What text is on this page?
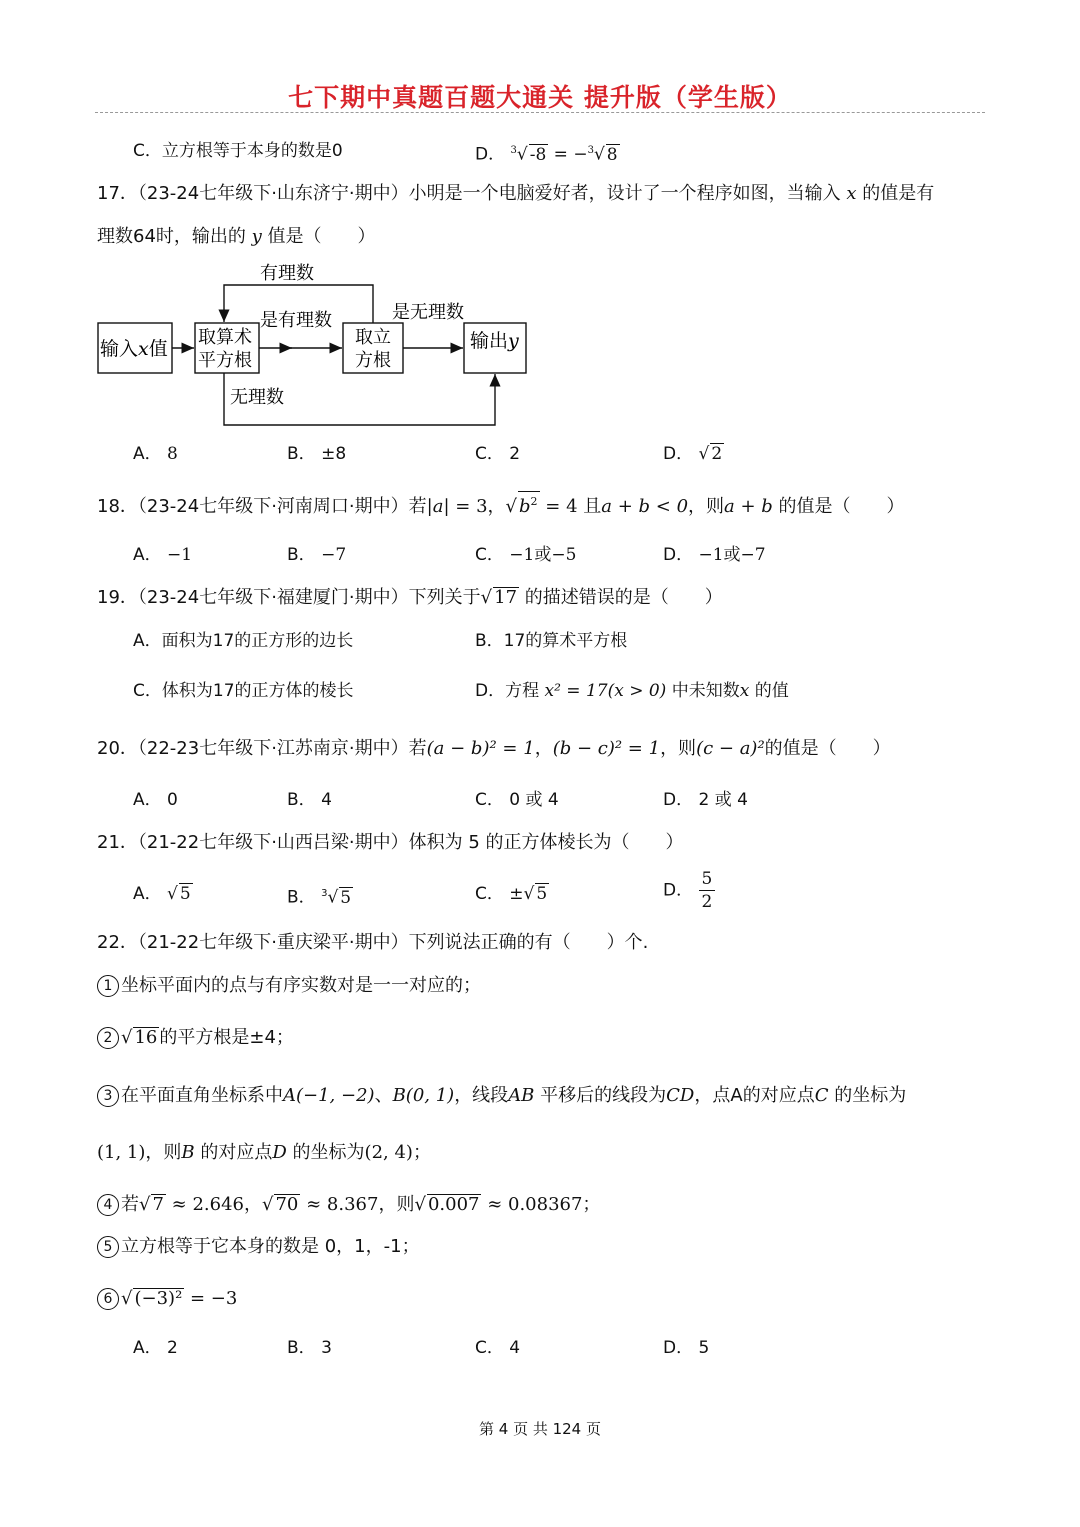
七下期中真题百题大通关 提升版（学生版）
C．立方根等于本身的数是0	D． $^3$√ -8 = −$^3$√ 8
17．（23-24七年级下·山东济宁·期中）小明是一个电脑爱好者，设计了一个程序如图，当输入 x 的值是有
理数64时，输出的 y 值是（　　）
输入x值
取算术
平方根
取立
方根
输出y
有理数
是有理数	是无理数
无理数
A． 8	B． ±8	C． 2	D． √ 2
18．（23-24七年级下·河南周口·期中）若|a| = 3，√ $b^2 = 4$ 且a + b < 0，则a + b 的值是（　　）
A． −1	B． −7	C． −1或−5	D． −1或−7
19．（23-24七年级下·福建厦门·期中）下列关于√ 17 的描述错误的是（　　）
A．面积为17的正方形的边长	B．17的算术平方根
C．体积为17的正方体的棱长	D．方程 x² = 17(x > 0) 中未知数x 的值
20．（22-23七年级下·江苏南京·期中）若(a − b)² = 1，(b − c)² = 1，则(c − a)²的值是（　　）
A． 0	B． 4	C． 0 或 4	D． 2 或 4
21．（21-22七年级下·山西吕梁·期中）体积为 5 的正方体棱长为（　　）
A． √ 5	B． $^3$√ 5	C． ±√ 5	D． $\frac{5}{2}$
22．（21-22七年级下·重庆梁平·期中）下列说法正确的有（　　）个.
1 坐标平面内的点与有序实数对是一一对应的；
2 √ 16 的平方根是±4；
3 在平面直角坐标系中A(−1, −2)、B(0, 1)，线段AB 平移后的线段为CD，点A的对应点C 的坐标为
(1, 1)，则B 的对应点D 的坐标为(2, 4)；
4 若√ 7 ≈ 2.646，√ 70 ≈ 8.367，则√ 0.007 ≈ 0.08367；
5 立方根等于它本身的数是 0，1，-1；
6 √ (−3)² = −3
A． 2	B． 3	C． 4	D． 5
第 4 页 共 124 页
